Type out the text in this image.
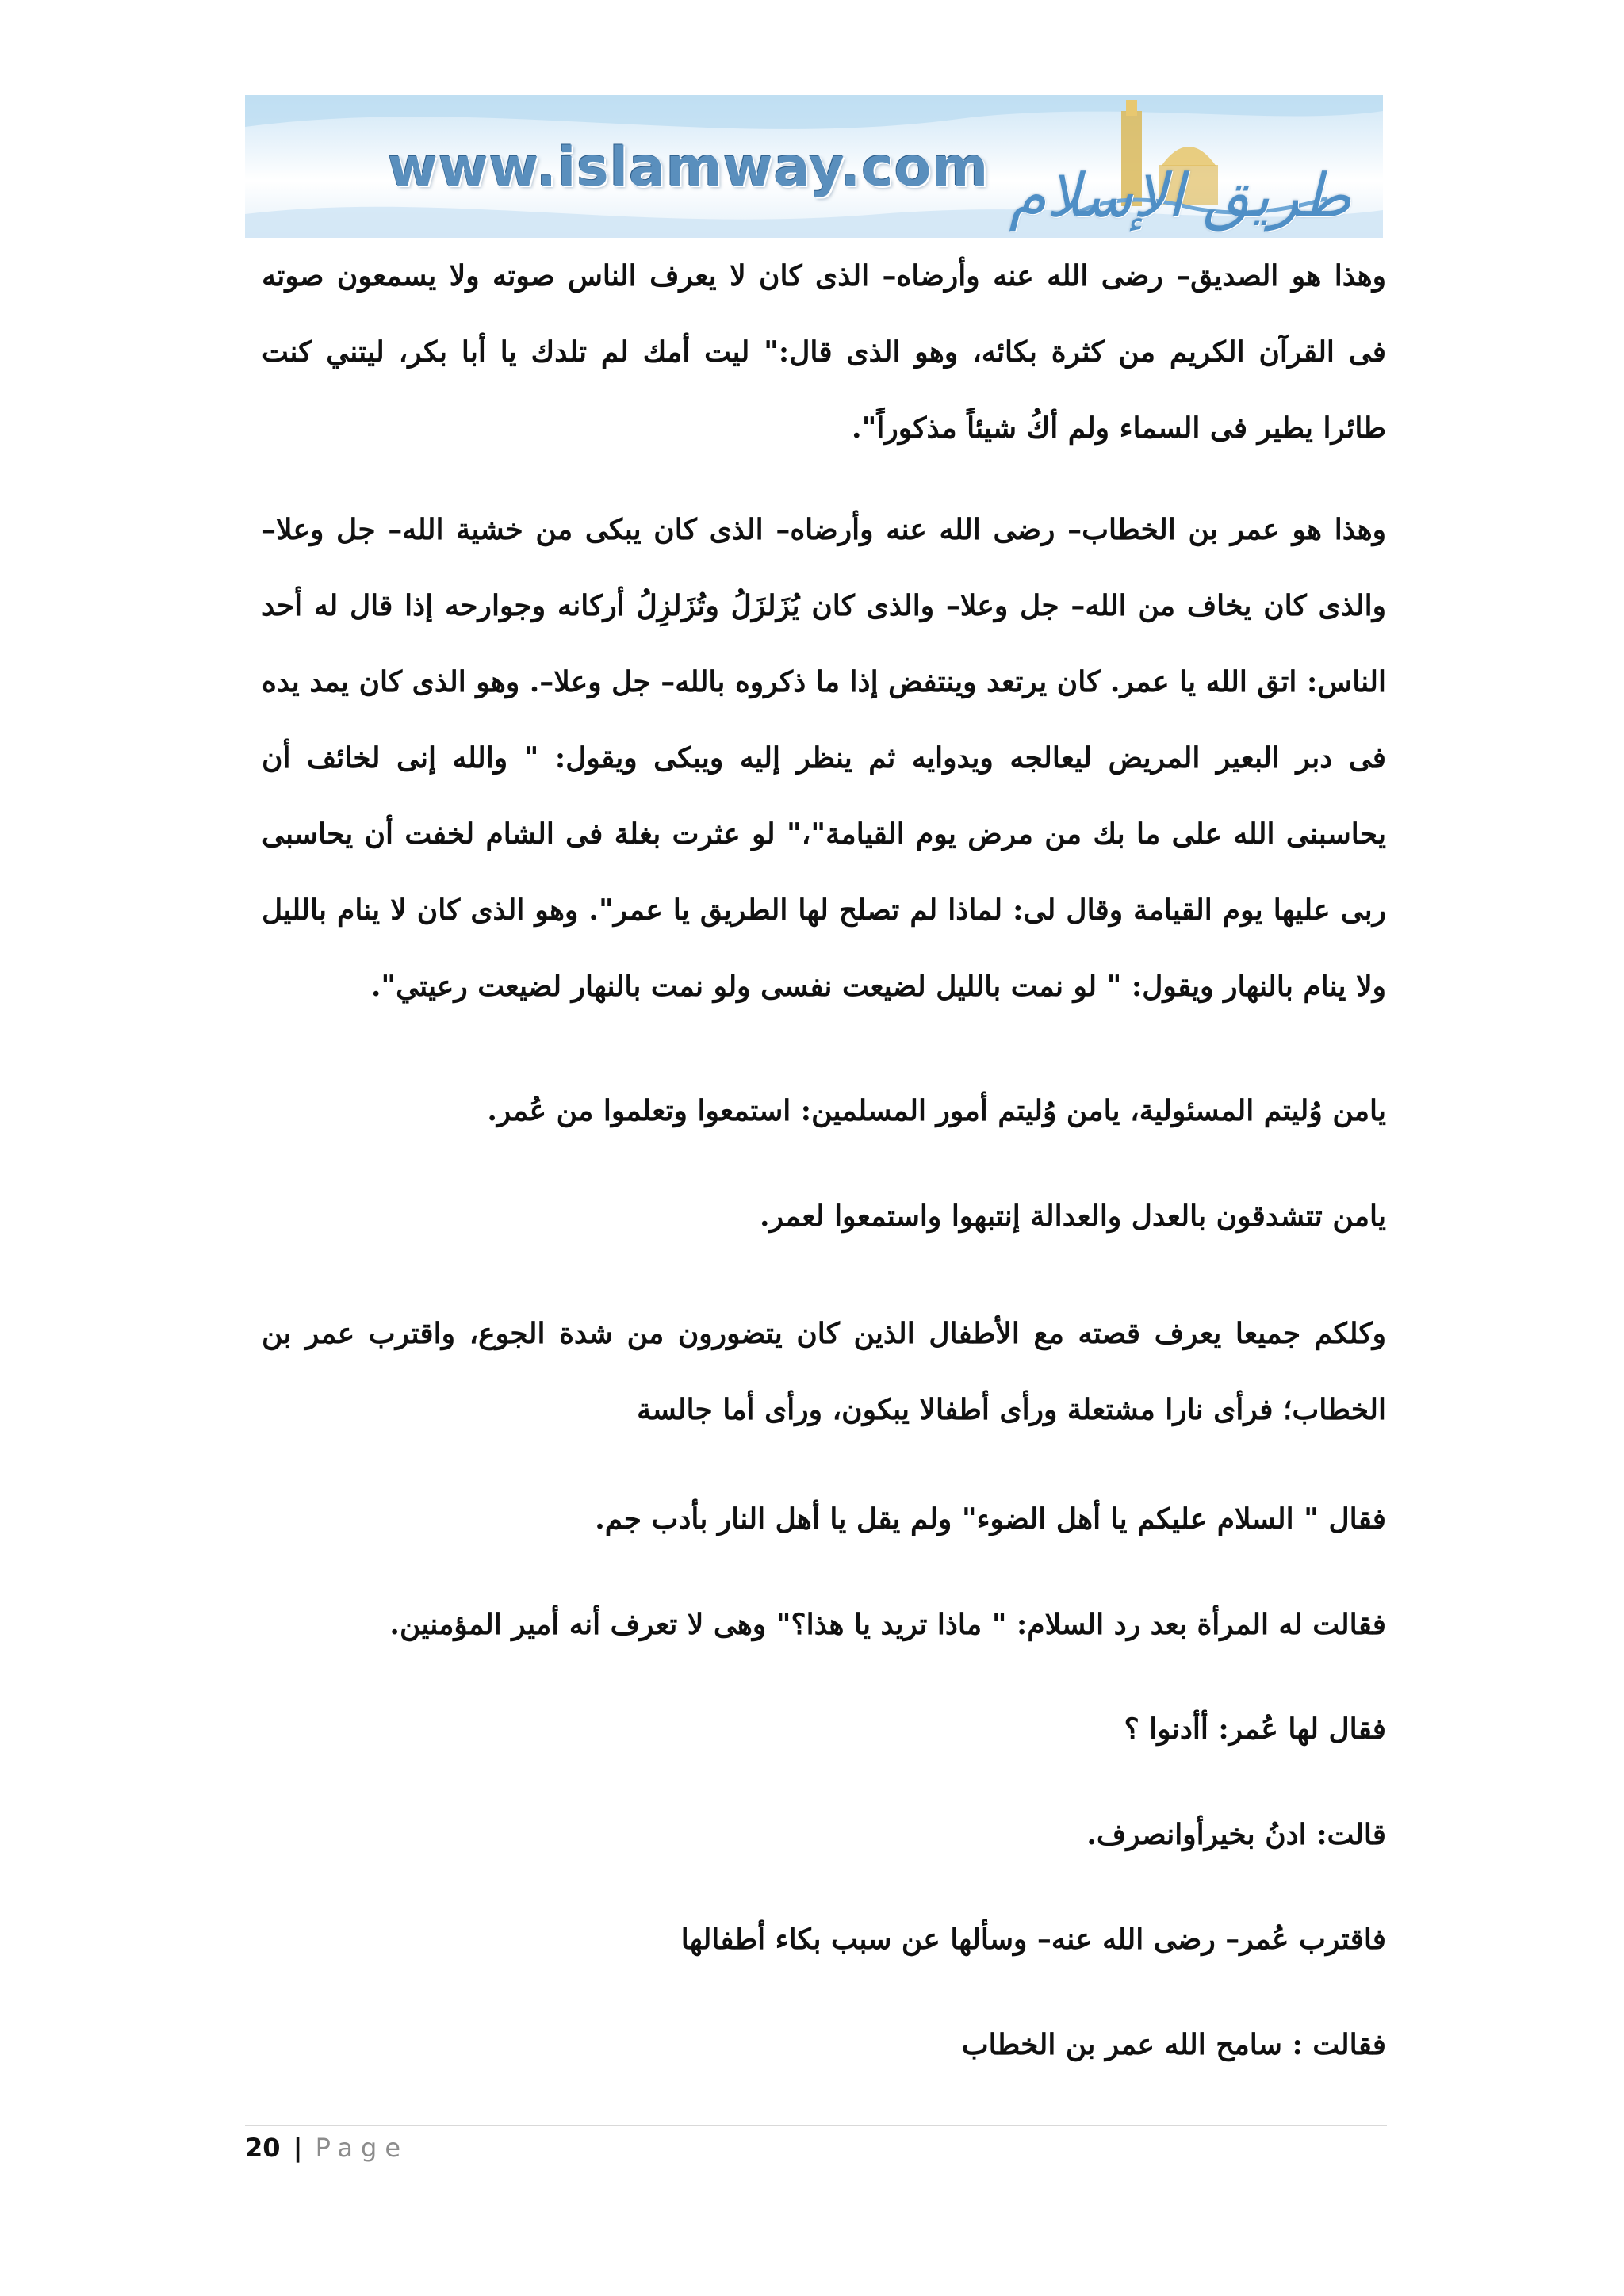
www.islamway.com طريق الإسلام

وهذا هو الصديق– رضى الله عنه وأرضاه– الذى كان لا يعرف الناس صوته ولا يسمعون صوته فى القرآن الكريم من كثرة بكائه، وهو الذى قال:" ليت أمك لم تلدك يا أبا بكر، ليتني كنت طائرا يطير فى السماء ولم أكُ شيئاً مذكوراً".

وهذا هو عمر بن الخطاب– رضى الله عنه وأرضاه– الذى كان يبكى من خشية الله– جل وعلا– والذى كان يخاف من الله– جل وعلا– والذى كان يُزَلزَلُ وتُزَلزِلُ أركانه وجوارحه إذا قال له أحد الناس: اتق الله يا عمر. كان يرتعد وينتفض إذا ما ذكروه بالله– جل وعلا–. وهو الذى كان يمد يده فى دبر البعير المريض ليعالجه ويدوايه ثم ينظر إليه ويبكى ويقول: " والله إنى لخائف أن يحاسبنى الله على ما بك من مرض يوم القيامة"،" لو عثرت بغلة فى الشام لخفت أن يحاسبى ربى عليها يوم القيامة وقال لى: لماذا لم تصلح لها الطريق يا عمر". وهو الذى كان لا ينام بالليل ولا ينام بالنهار ويقول: " لو نمت بالليل لضيعت نفسى ولو نمت بالنهار لضيعت رعيتي".

يامن وُليتم المسئولية، يامن وُليتم أمور المسلمين: استمعوا وتعلموا من عُمر.

يامن تتشدقون بالعدل والعدالة إنتبهوا واستمعوا لعمر.

وكلكم جميعا يعرف قصته مع الأطفال الذين كان يتضورون من شدة الجوع، واقترب عمر بن الخطاب؛ فرأى نارا مشتعلة ورأى أطفالا يبكون، ورأى أما جالسة

فقال " السلام عليكم يا أهل الضوء" ولم يقل يا أهل النار بأدب جم.

فقالت له المرأة بعد رد السلام: " ماذا تريد يا هذا؟" وهى لا تعرف أنه أمير المؤمنين.

فقال لها عُمر: أأدنوا ؟

قالت: ادنُ بخيرأوانصرف.

فاقترب عُمر– رضى الله عنه– وسألها عن سبب بكاء أطفالها

فقالت : سامح الله عمر بن الخطاب

20 | Page
